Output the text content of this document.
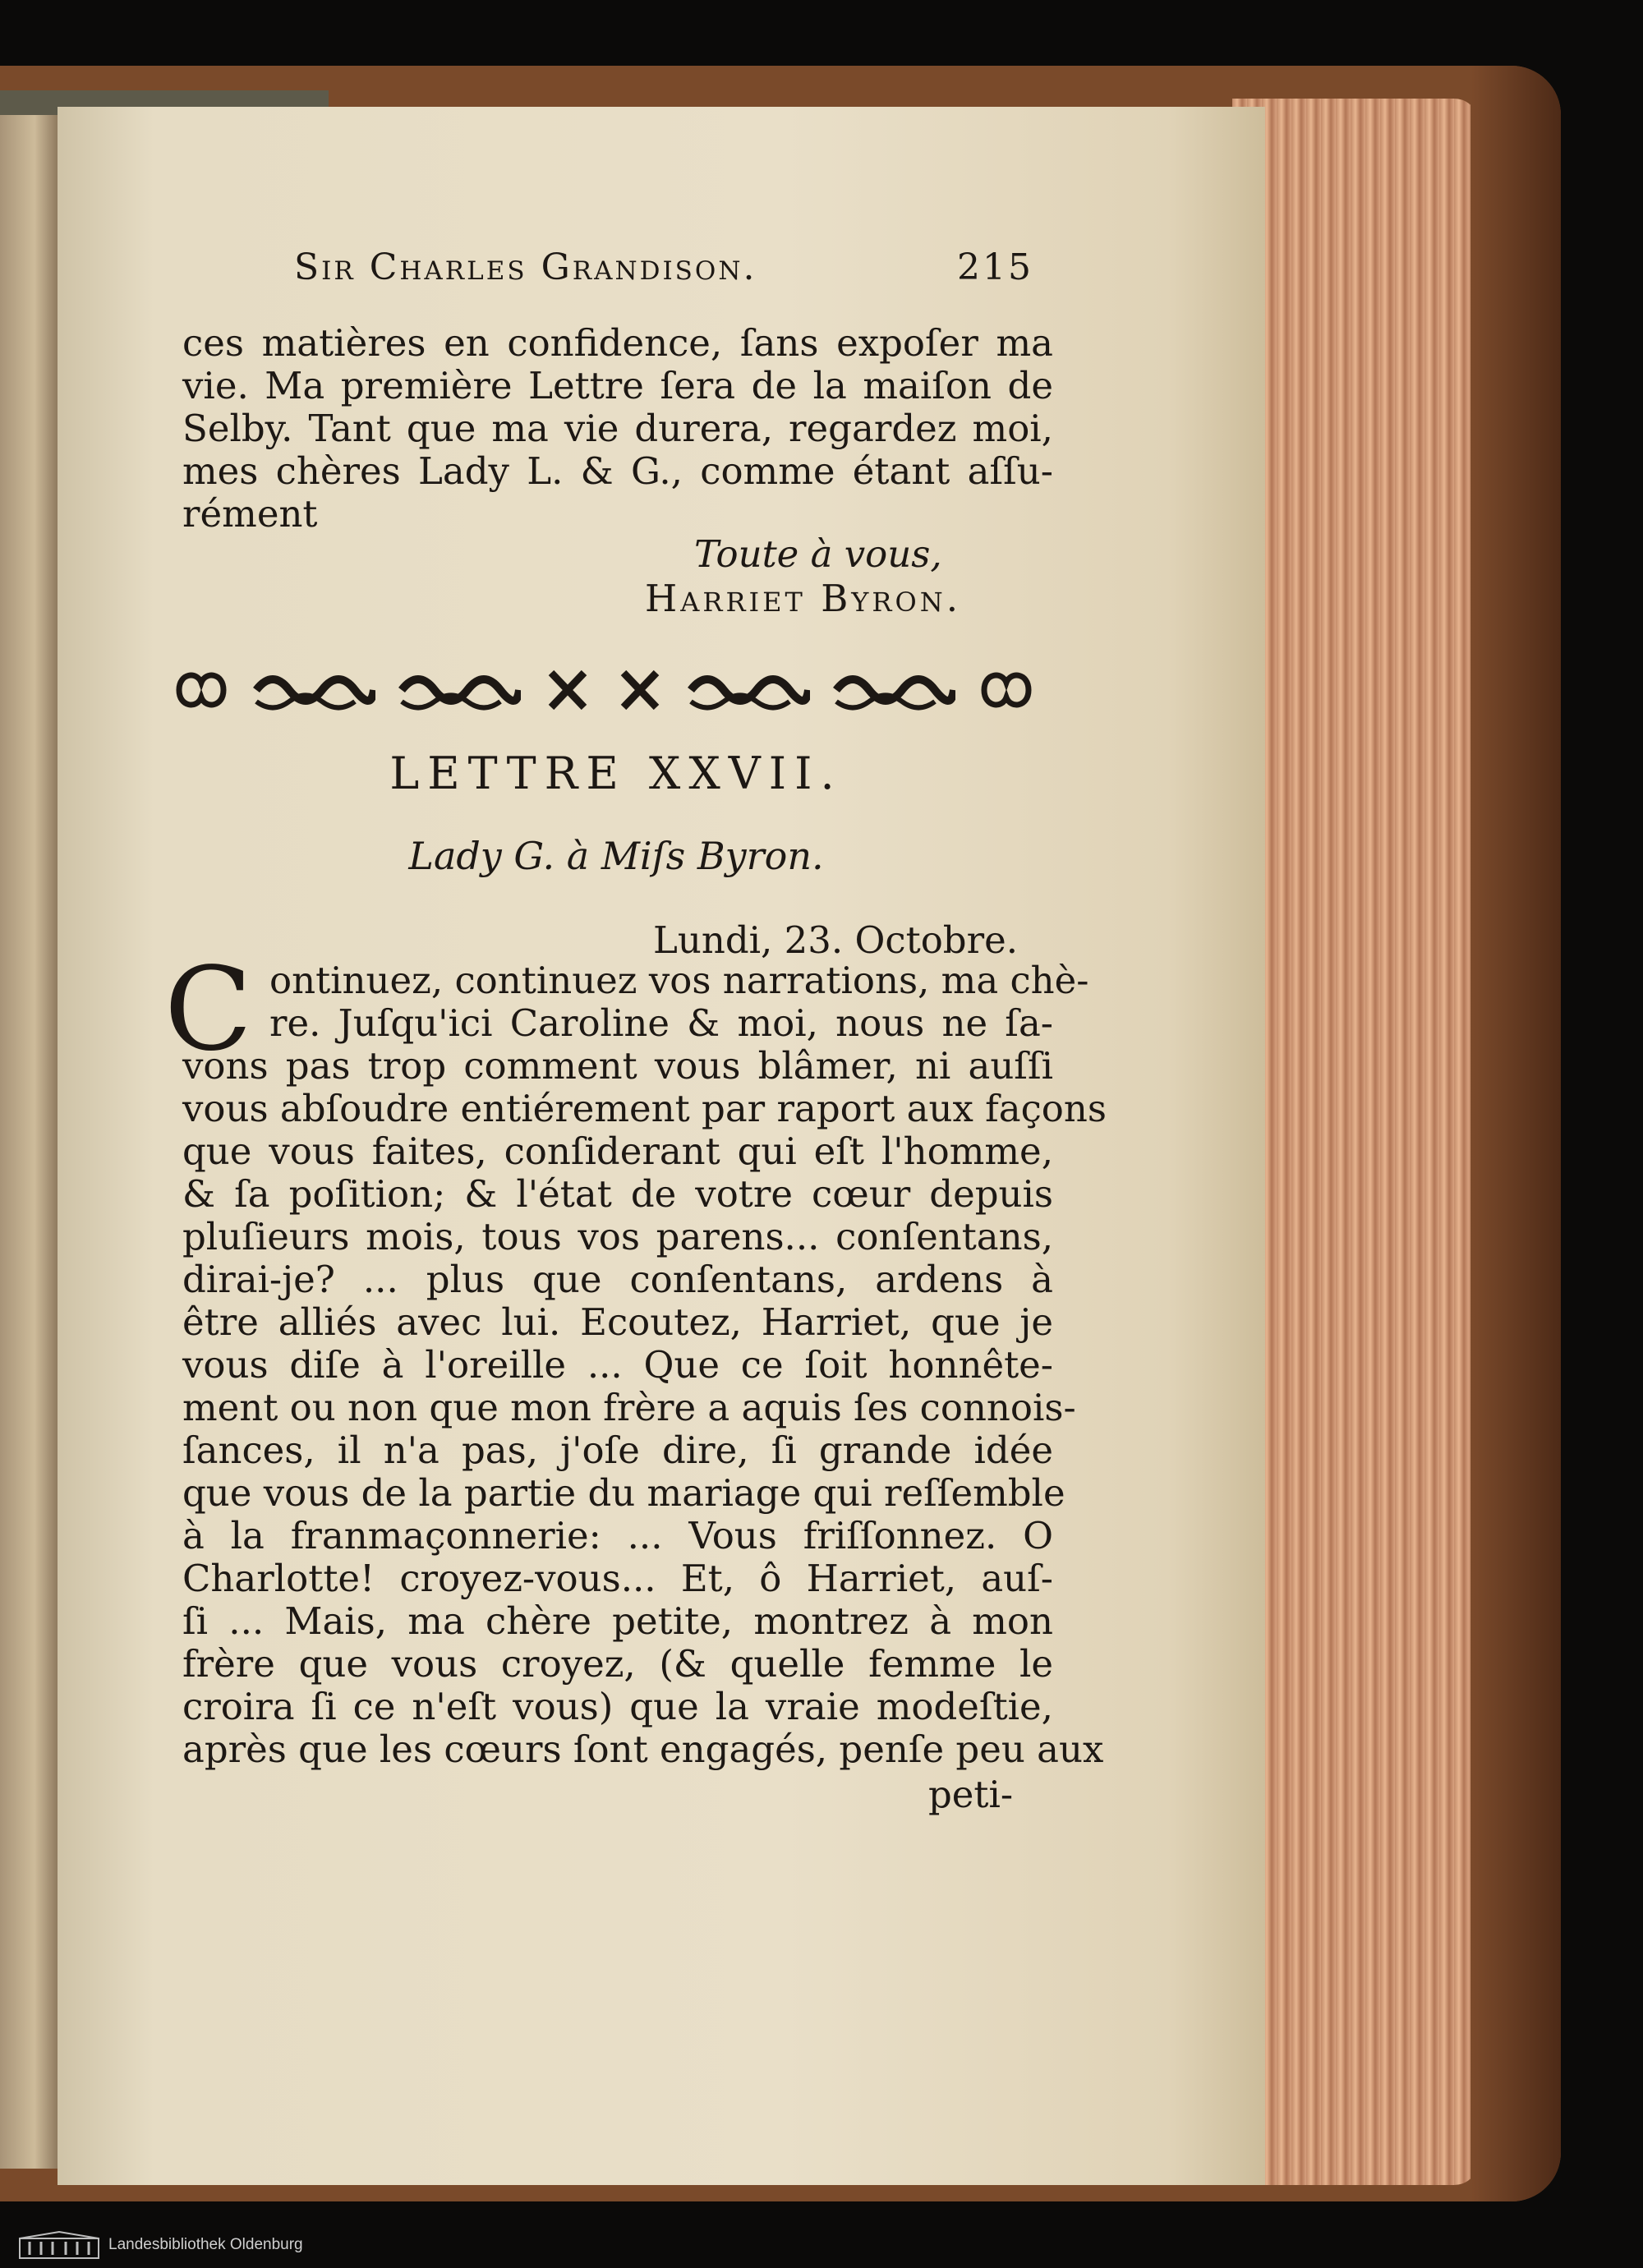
Sir Charles Grandison.	215
ces matières en confidence, ſans expoſer ma
vie. Ma première Lettre ſera de la maiſon de
Selby. Tant que ma vie durera, regardez moi,
mes chères Lady L. & G., comme étant aſſu-
rément
Toute à vous,
Harriet Byron.
LETTRE XXVII.
Lady G. à Miſs Byron.
Lundi, 23. Octobre.
C ontinuez, continuez vos narrations, ma chè-
re. Juſqu'ici Caroline & moi, nous ne ſa-
vons pas trop comment vous blâmer, ni auſſi
vous abſoudre entiérement par raport aux façons
que vous faites, conſiderant qui eſt l'homme,
& ſa poſition; & l'état de votre cœur depuis
pluſieurs mois, tous vos parens... conſentans,
dirai-je? ... plus que conſentans, ardens à
être alliés avec lui. Ecoutez, Harriet, que je
vous diſe à l'oreille ... Que ce ſoit honnête-
ment ou non que mon frère a aquis ſes connois-
ſances, il n'a pas, j'oſe dire, ſi grande idée
que vous de la partie du mariage qui reſſemble
à la franmaçonnerie: ... Vous friſſonnez. O
Charlotte! croyez-vous... Et, ô Harriet, auſ-
ſi ... Mais, ma chère petite, montrez à mon
frère que vous croyez, (& quelle femme le
croira ſi ce n'eſt vous) que la vraie modeſtie,
après que les cœurs ſont engagés, penſe peu aux
peti-
Landesbibliothek Oldenburg
